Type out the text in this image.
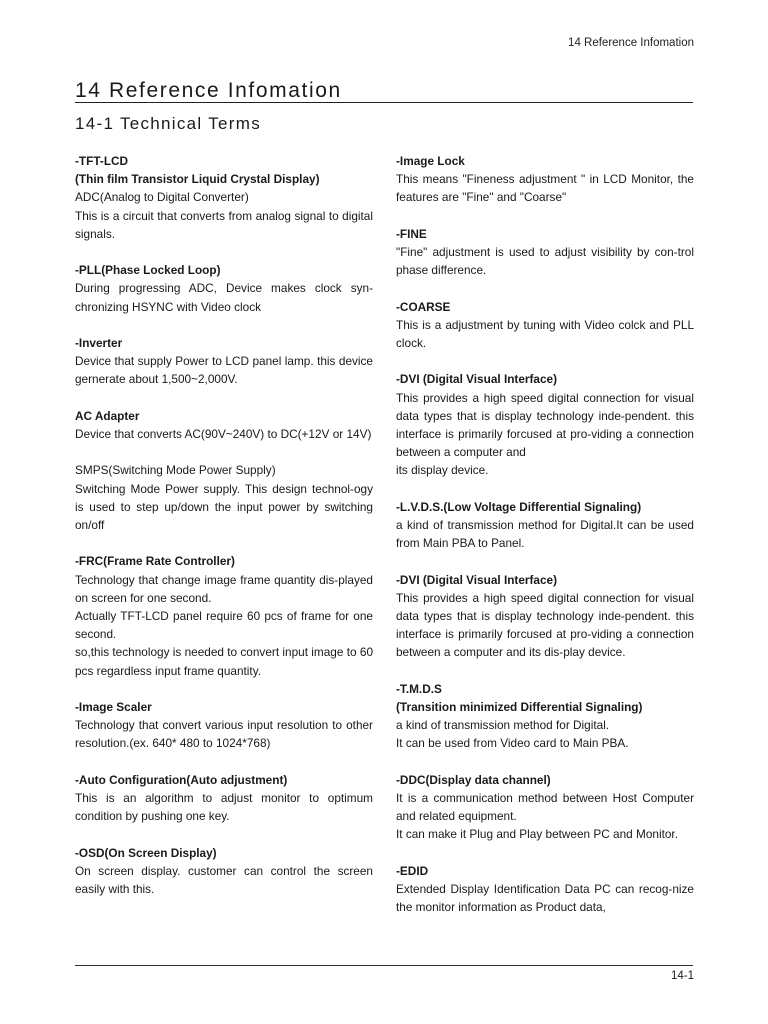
14 Reference Infomation
14 Reference Infomation
14-1 Technical Terms

-TFT-LCD

(Thin film Transistor Liquid Crystal Display)

ADC(Analog to Digital Converter)

This is a circuit that converts from analog signal to digital signals.

-PLL(Phase Locked Loop)

During progressing ADC, Device makes clock syn-chronizing HSYNC with Video clock

-Inverter

Device that supply Power to LCD panel lamp. this device gernerate about 1,500~2,000V.

AC Adapter

Device that converts AC(90V~240V) to DC(+12V or 14V)

SMPS(Switching Mode Power Supply)

Switching Mode Power supply. This design technol-ogy is used to step up/down the input power by switching on/off

-FRC(Frame Rate Controller)

Technology that change image frame quantity dis-played on screen for one second.

Actually TFT-LCD panel require 60 pcs of frame for one second.

so,this technology is needed to convert input image to 60 pcs regardless input frame quantity.

-Image Scaler

Technology that convert various input resolution to other resolution.(ex. 640* 480 to 1024*768)

-Auto Configuration(Auto adjustment)

This is an algorithm to adjust monitor to optimum condition by pushing one key.

-OSD(On Screen Display)

On screen display. customer can control the screen easily with this.

-Image Lock

This means "Fineness adjustment " in LCD Monitor, the features are "Fine" and "Coarse"

-FINE

"Fine" adjustment is used to adjust visibility by con-trol phase difference.

-COARSE

This is a adjustment by tuning with Video colck and PLL clock.

-DVI (Digital Visual Interface)

This provides a high speed digital connection for visual data types that is display technology inde-pendent. this interface is primarily forcused at pro-viding a connection between a computer and

its display device.

-L.V.D.S.(Low Voltage Differential Signaling)

a kind of transmission method for Digital.It can be used from Main PBA to Panel.

-DVI (Digital Visual Interface)

This provides a high speed digital connection for visual data types that is display technology inde-pendent. this interface is primarily forcused at pro-viding a connection between a computer and its dis-play device.

-T.M.D.S

(Transition minimized Differential Signaling)

a kind of transmission method for Digital.

It can be used from Video card to Main PBA.

-DDC(Display data channel)

It is a communication method between Host Computer and related equipment.

It can make it Plug and Play between PC and Monitor.

-EDID

Extended Display Identification Data PC can recog-nize the monitor information as Product data,

14-1
